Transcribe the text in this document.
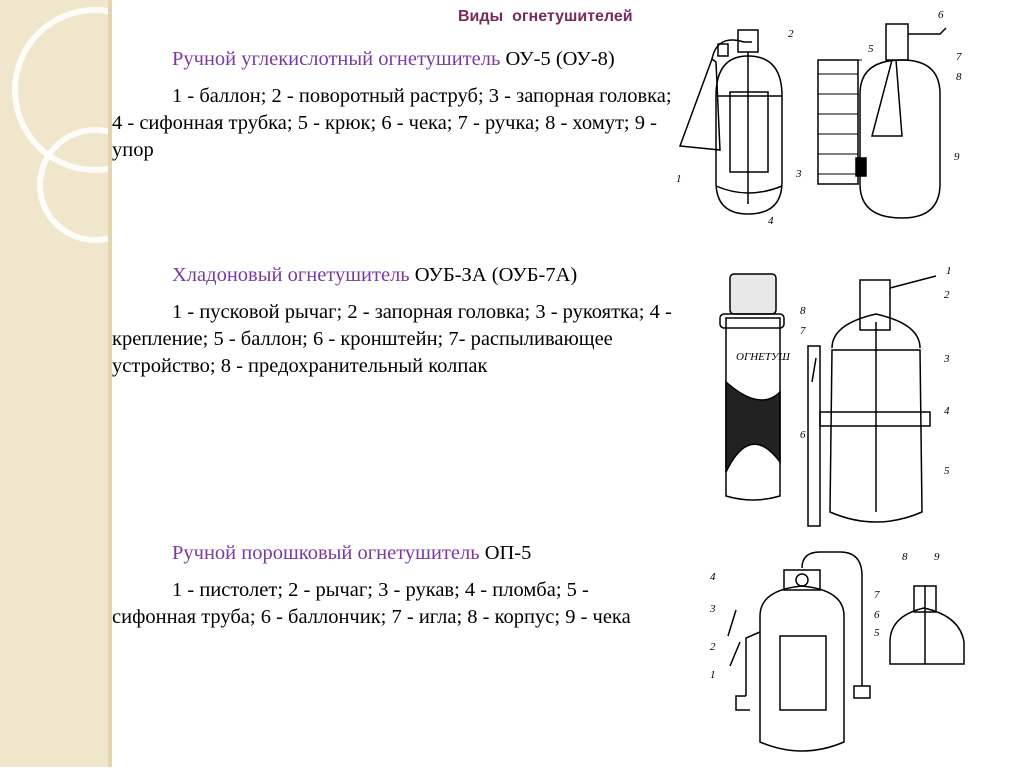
Виды  огнетушителей

Ручной углекислотный огнетушитель ОУ-5 (ОУ-8)

1 - баллон; 2 - поворотный раструб; 3 - запорная головка; 4 - сифонная трубка; 5 - крюк; 6 - чека; 7 - ручка; 8 - хомут; 9 - упор

Хладоновый огнетушитель ОУБ-ЗА (ОУБ-7А)

1 - пусковой рычаг; 2 - запорная головка; 3 - рукоятка; 4 - крепление; 5 - баллон; 6 - кронштейн; 7- распыливающее устройство; 8 - предохранительный колпак

Ручной порошковый огнетушитель ОП-5

1 - пистолет; 2 - рычаг; 3 - рукав; 4 - пломба; 5 - сифонная труба; 6 - баллончик; 7 - игла; 8 - корпус; 9 - чека

2
1	3
4
5
6
7
8
9
ОГНЕТУШ
1
2
8
7
3
4
6
5
4
3
2
1
8 9
7
6
5
